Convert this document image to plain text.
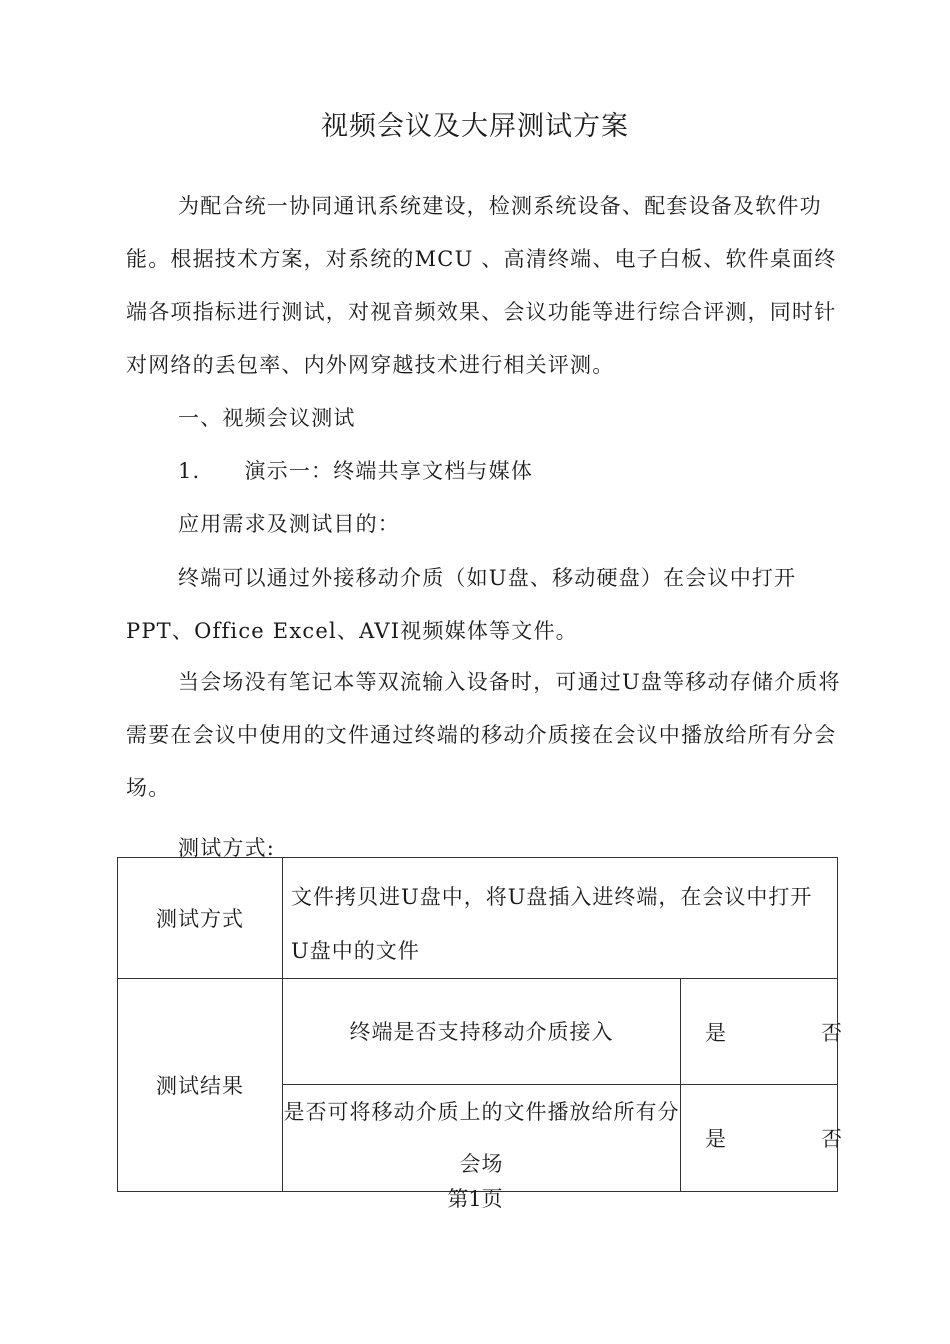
视频会议及大屏测试方案
为配合统一协同通讯系统建设，检测系统设备、配套设备及软件功能。根据技术方案，对系统的MCU 、高清终端、电子白板、软件桌面终端各项指标进行测试，对视音频效果、会议功能等进行综合评测，同时针对网络的丢包率、内外网穿越技术进行相关评测。
一、视频会议测试
1. 演示一：终端共享文档与媒体
应用需求及测试目的：
终端可以通过外接移动介质（如U盘、移动硬盘）在会议中打开
PPT、Office Excel、AVI视频媒体等文件。
当会场没有笔记本等双流输入设备时，可通过U盘等移动存储介质将需要在会议中使用的文件通过终端的移动介质接在会议中播放给所有分会场。
测试方式:
测试方式	文件拷贝进U盘中，将U盘插入进终端，在会议中打开U盘中的文件	
测试结果	终端是否支持移动介质接入	是 否

	是否可将移动介质上的文件播放给所有分会场	是 否
第1页
